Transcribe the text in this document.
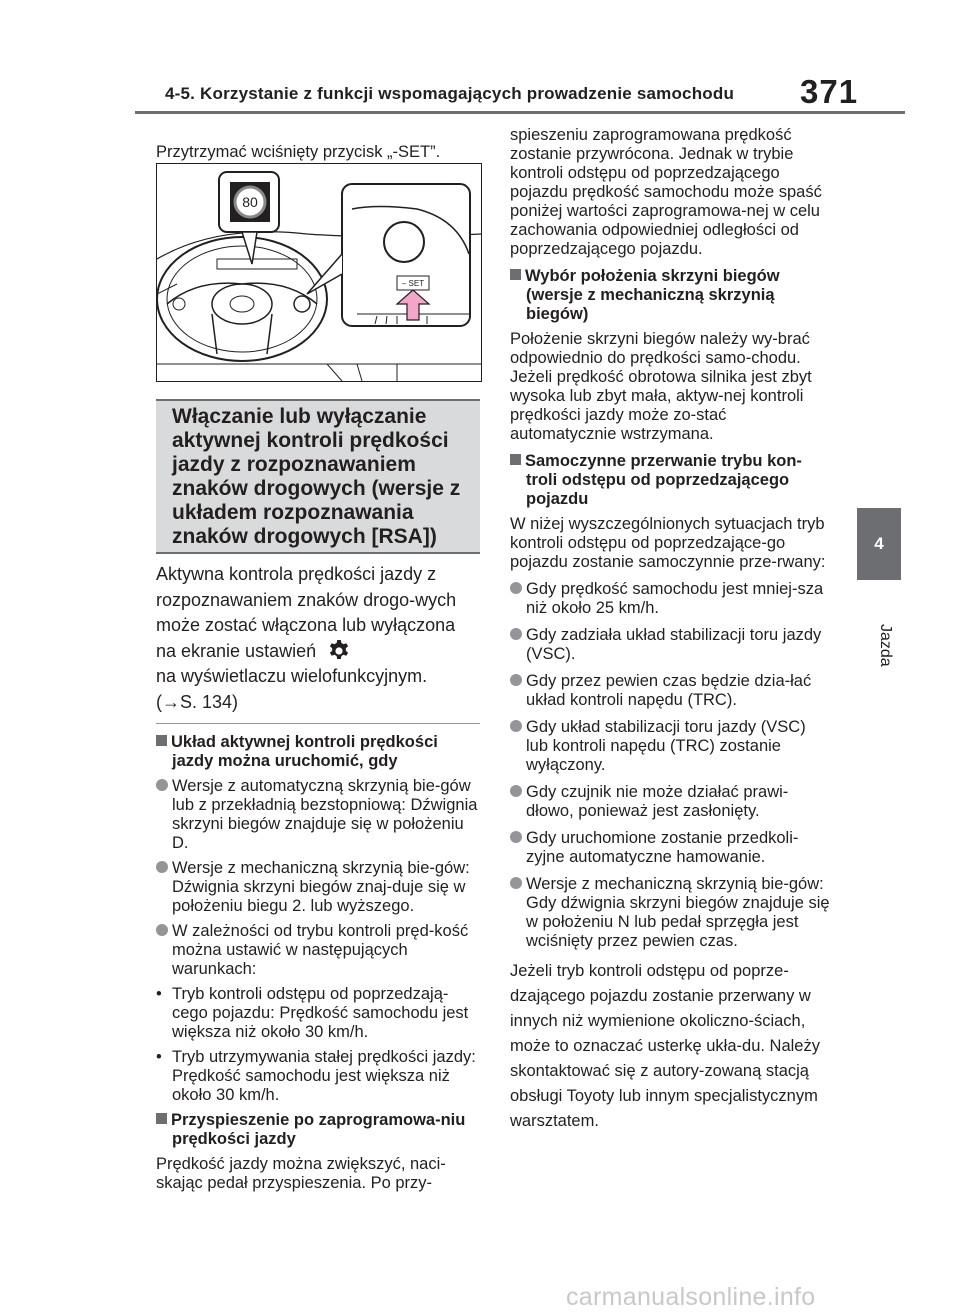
4-5. Korzystanie z funkcji wspomagających prowadzenie samochodu 371
4
Jazda

Przytrzymać wciśnięty przycisk „-SET”.

80
– SET
Włączanie lub wyłączanie aktywnej kontroli prędkości jazdy z rozpoznawaniem znaków drogowych (wersje z układem rozpoznawania znaków drogowych [RSA])
Aktywna kontrola prędkości jazdy z rozpoznawaniem znaków drogo-wych może zostać włączona lub wyłączona na ekranie ustawień
na wyświetlaczu wielofunkcyjnym.
(→S. 134)

Układ aktywnej kontroli prędkości jazdy można uruchomić, gdy

Wersje z automatyczną skrzynią bie-gów lub z przekładnią bezstopniową: Dźwignia skrzyni biegów znajduje się w położeniu D.

Wersje z mechaniczną skrzynią bie-gów: Dźwignia skrzyni biegów znaj-duje się w położeniu biegu 2. lub wyższego.

W zależności od trybu kontroli pręd-kość można ustawić w następujących warunkach:

• Tryb kontroli odstępu od poprzedzają-cego pojazdu: Prędkość samochodu jest większa niż około 30 km/h.

• Tryb utrzymywania stałej prędkości jazdy: Prędkość samochodu jest większa niż około 30 km/h.

Przyspieszenie po zaprogramowa-niu prędkości jazdy

Prędkość jazdy można zwiększyć, naci-skając pedał przyspieszenia. Po przy-

spieszeniu zaprogramowana prędkość zostanie przywrócona. Jednak w trybie kontroli odstępu od poprzedzającego pojazdu prędkość samochodu może spaść poniżej wartości zaprogramowa-nej w celu zachowania odpowiedniej odległości od poprzedzającego pojazdu.

Wybór położenia skrzyni biegów (wersje z mechaniczną skrzynią biegów)

Położenie skrzyni biegów należy wy-brać odpowiednio do prędkości samo-chodu. Jeżeli prędkość obrotowa silnika jest zbyt wysoka lub zbyt mała, aktyw-nej kontroli prędkości jazdy może zo-stać automatycznie wstrzymana.

Samoczynne przerwanie trybu kon-troli odstępu od poprzedzającego pojazdu

W niżej wyszczególnionych sytuacjach tryb kontroli odstępu od poprzedzające-go pojazdu zostanie samoczynnie prze-rwany:

Gdy prędkość samochodu jest mniej-sza niż około 25 km/h.

Gdy zadziała układ stabilizacji toru jazdy (VSC).

Gdy przez pewien czas będzie dzia-łać układ kontroli napędu (TRC).

Gdy układ stabilizacji toru jazdy (VSC) lub kontroli napędu (TRC) zostanie wyłączony.

Gdy czujnik nie może działać prawi-dłowo, ponieważ jest zasłonięty.

Gdy uruchomione zostanie przedkoli-zyjne automatyczne hamowanie.

Wersje z mechaniczną skrzynią bie-gów: Gdy dźwignia skrzyni biegów znajduje się w położeniu N lub pedał sprzęgła jest wciśnięty przez pewien czas.

Jeżeli tryb kontroli odstępu od poprze-dzającego pojazdu zostanie przerwany w innych niż wymienione okoliczno-ściach, może to oznaczać usterkę ukła-du. Należy skontaktować się z autory-zowaną stacją obsługi Toyoty lub innym specjalistycznym warsztatem.

carmanualsonline.info
